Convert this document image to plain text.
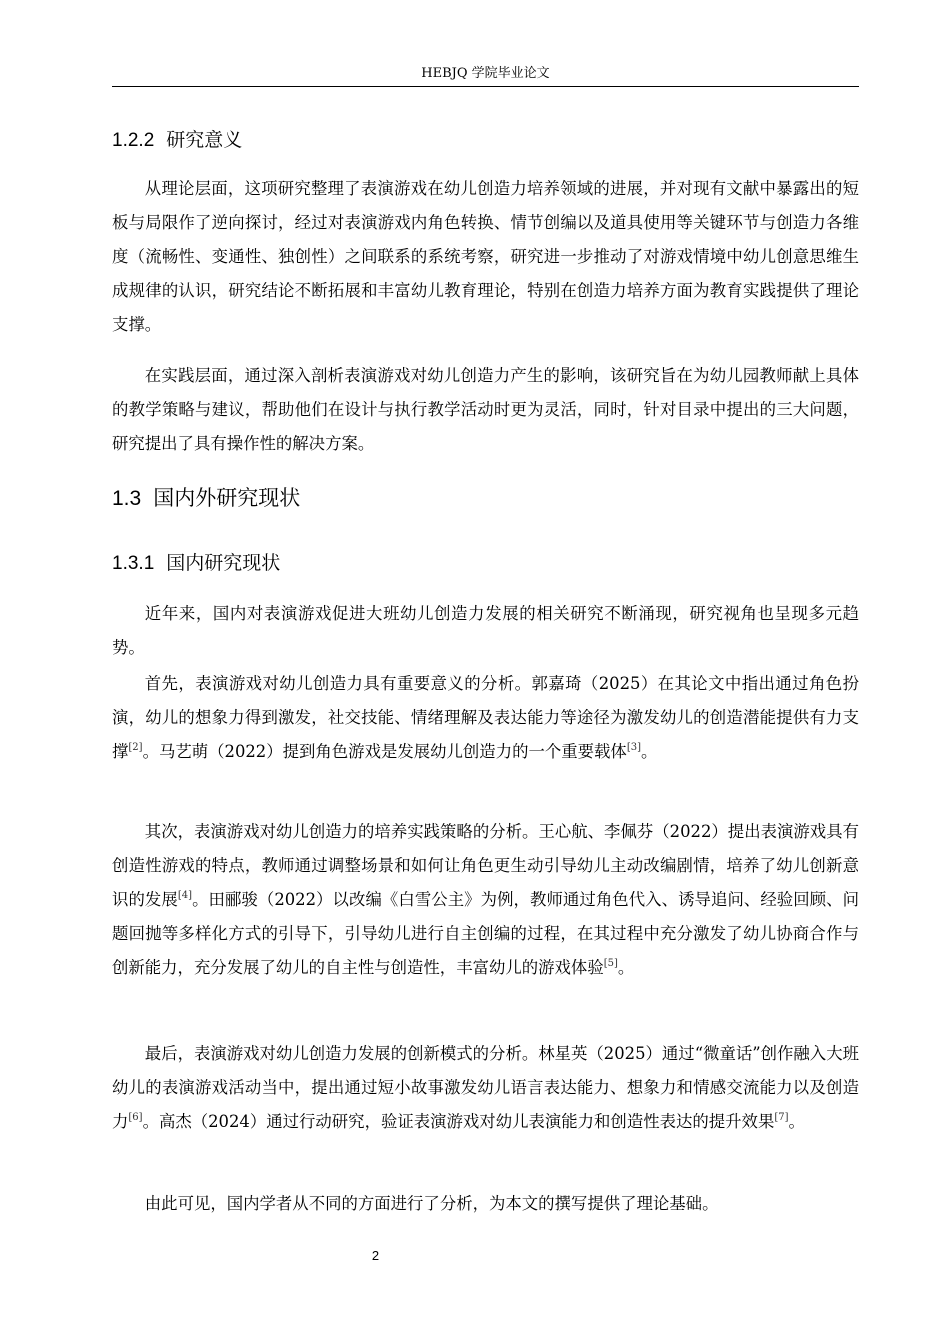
HEBJQ 学院毕业论文
1.2.2 研究意义

从理论层面，这项研究整理了表演游戏在幼儿创造力培养领域的进展，并对现有文献中暴露出的短板与局限作了逆向探讨，经过对表演游戏内角色转换、情节创编以及道具使用等关键环节与创造力各维度（流畅性、变通性、独创性）之间联系的系统考察，研究进一步推动了对游戏情境中幼儿创意思维生成规律的认识，研究结论不断拓展和丰富幼儿教育理论，特别在创造力培养方面为教育实践提供了理论支撑。

在实践层面，通过深入剖析表演游戏对幼儿创造力产生的影响，该研究旨在为幼儿园教师献上具体的教学策略与建议，帮助他们在设计与执行教学活动时更为灵活，同时，针对目录中提出的三大问题，研究提出了具有操作性的解决方案。

1.3 国内外研究现状
1.3.1 国内研究现状

近年来，国内对表演游戏促进大班幼儿创造力发展的相关研究不断涌现，研究视角也呈现多元趋势。

首先，表演游戏对幼儿创造力具有重要意义的分析。郭嘉琦（2025）在其论文中指出通过角色扮演，幼儿的想象力得到激发，社交技能、情绪理解及表达能力等途径为激发幼儿的创造潜能提供有力支撑[2]。马艺萌（2022）提到角色游戏是发展幼儿创造力的一个重要载体[3]。

其次，表演游戏对幼儿创造力的培养实践策略的分析。王心航、李佩芬（2022）提出表演游戏具有创造性游戏的特点，教师通过调整场景和如何让角色更生动引导幼儿主动改编剧情，培养了幼儿创新意识的发展[4]。田郦骏（2022）以改编《白雪公主》为例，教师通过角色代入、诱导追问、经验回顾、问题回抛等多样化方式的引导下，引导幼儿进行自主创编的过程，在其过程中充分激发了幼儿协商合作与创新能力，充分发展了幼儿的自主性与创造性，丰富幼儿的游戏体验[5]。

最后，表演游戏对幼儿创造力发展的创新模式的分析。林星英（2025）通过“微童话”创作融入大班幼儿的表演游戏活动当中，提出通过短小故事激发幼儿语言表达能力、想象力和情感交流能力以及创造力[6]。高杰（2024）通过行动研究，验证表演游戏对幼儿表演能力和创造性表达的提升效果[7]。

由此可见，国内学者从不同的方面进行了分析，为本文的撰写提供了理论基础。

2
